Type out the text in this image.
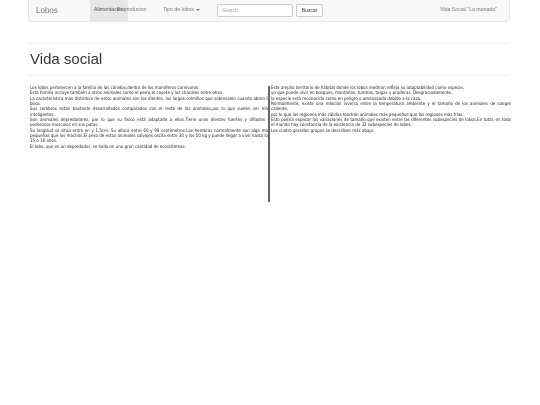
Lobos	Alimentacion
Reproducion	Tipo de lobos
Search	Buscar	Vida Social "La manada"
Vida social

Los lobos pertenecen a la familia de los cánidos,dentro de los mamíferos carnívoros.

Esta familia incluye también a otros animales como el perro,el coyote y los chacales entre otros.

La característica más distintiva de estos animales son los dientes, las largas colmillos que sobresalen cuando abren la boca.

Sus cerebros están bastante desarrollados comparados con el resto de los animales,por lo que suelen ser más inteligentes.

Son animales depredadores, por lo que su físico está adaptado a ellos.Tiene unos dientes fuertes y afilados y poderosos músculos en sus patas.

Su longitud se sitúa entre en y 1,5cm. Su altura entre 60 y 90 centímetros.Las hembras normalmente son algo más pequeñas que los machos.El peso de estos animales salvajes oscila entre 30 y los 50 kg y puede llegar a vivir hasta los 15 o 16 años.

El lobo, que es un depredador, se halla en una gran cantidad de ecosistemas.

Este amplio territorio de hábitat donde los lobos mediran refleja su adaptabilidad como especie,

ya que puede vivir en bosques, montañas, tundras, taigas y praderas. Desgraciadamente,

la especie está reconocida como en peligro o amenazada debido a la caza.

Normalmente, existe una relación inversa entre la temperatura ambiente y el tamaño de los animales de sangre caliente,

por lo que las regiones más cálidas tendrán animales más pequeños que las regiones más frías.

Esto podría explicar las variaciones de tamaño que existen entre las diferentes subespecies de lobos.En total, en todo el mundo hay constancia de la existencia de 32 subespecies de lobos.

Los cuatro grandes grupos se describen más abajo.
